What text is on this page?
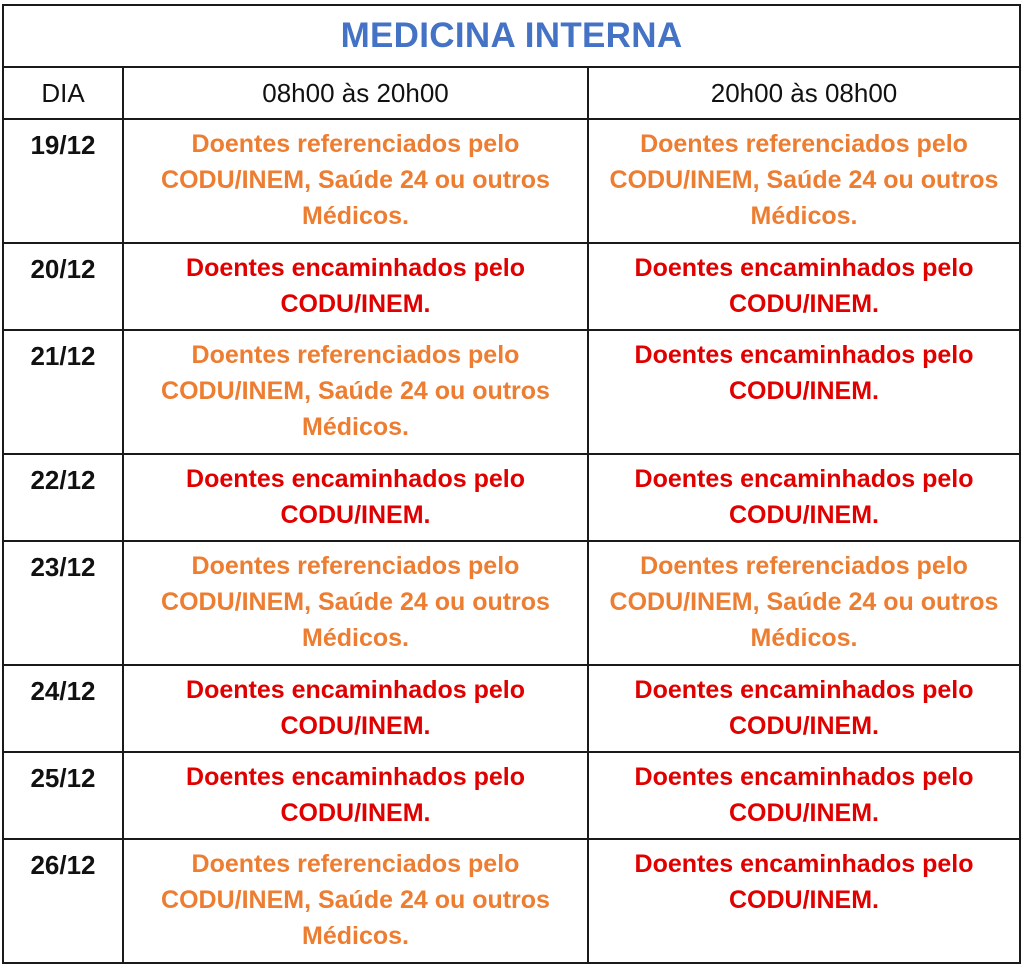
MEDICINA INTERNA		
DIA	08h00 às 20h00	20h00 às 08h00
19/12	Doentes referenciados pelo CODU/INEM, Saúde 24 ou outros Médicos.	Doentes referenciados pelo CODU/INEM, Saúde 24 ou outros Médicos.
20/12	Doentes encaminhados pelo CODU/INEM.	Doentes encaminhados pelo CODU/INEM.
21/12	Doentes referenciados pelo CODU/INEM, Saúde 24 ou outros Médicos.	Doentes encaminhados pelo CODU/INEM.
22/12	Doentes encaminhados pelo CODU/INEM.	Doentes encaminhados pelo CODU/INEM.
23/12	Doentes referenciados pelo CODU/INEM, Saúde 24 ou outros Médicos.	Doentes referenciados pelo CODU/INEM, Saúde 24 ou outros Médicos.
24/12	Doentes encaminhados pelo CODU/INEM.	Doentes encaminhados pelo CODU/INEM.
25/12	Doentes encaminhados pelo CODU/INEM.	Doentes encaminhados pelo CODU/INEM.
26/12	Doentes referenciados pelo CODU/INEM, Saúde 24 ou outros Médicos.	Doentes encaminhados pelo CODU/INEM.
